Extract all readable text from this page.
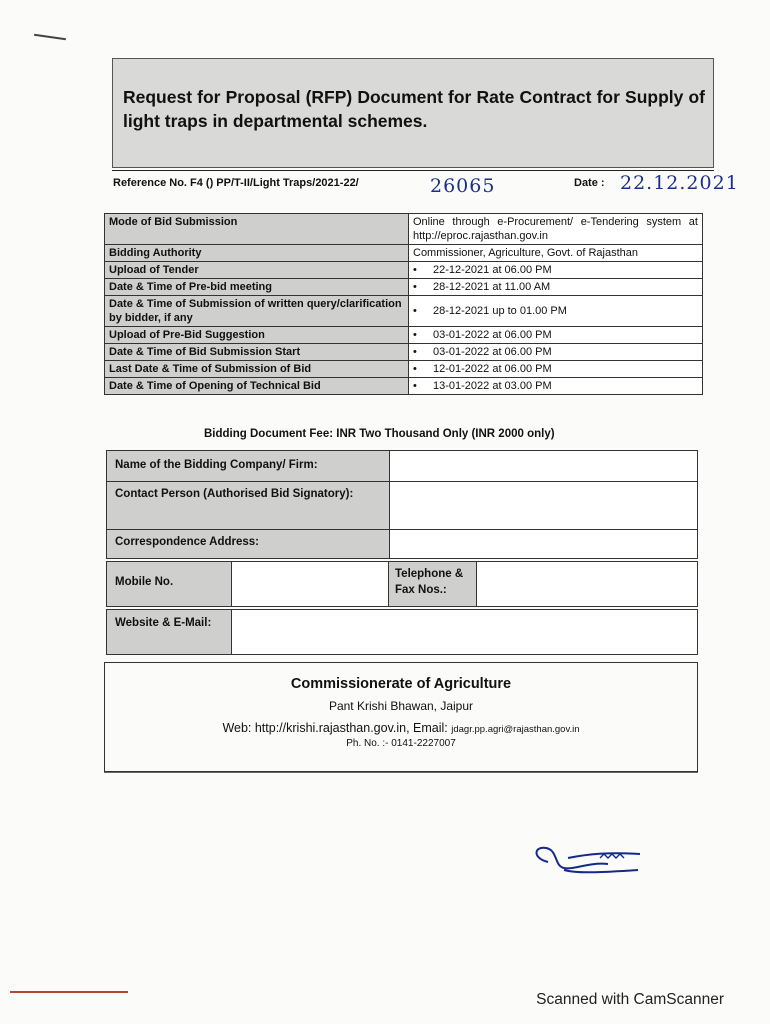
Request for Proposal (RFP) Document for Rate Contract for Supply of light traps in departmental schemes.
Reference No. F4 () PP/T-II/Light Traps/2021-22/	26065	Date : 22.12.2021
Mode of Bid Submission	Online through e-Procurement/ e-Tendering system at http://eproc.rajasthan.gov.in

Bidding Authority	Commissioner, Agriculture, Govt. of Rajasthan
Upload of Tender	• 22-12-2021 at 06.00 PM
Date & Time of Pre-bid meeting	• 28-12-2021 at 11.00 AM
Date & Time of Submission of written query/clarification by bidder, if any	• 28-12-2021 up to 01.00 PM
Upload of Pre-Bid Suggestion	• 03-01-2022 at 06.00 PM
Date & Time of Bid Submission Start	• 03-01-2022 at 06.00 PM
Last Date & Time of Submission of Bid	• 12-01-2022 at 06.00 PM
Date & Time of Opening of Technical Bid	• 13-01-2022 at 03.00 PM
Bidding Document Fee: INR Two Thousand Only (INR 2000 only)
Name of the Bidding Company/ Firm:
Contact Person (Authorised Bid Signatory):
Correspondence Address:
Mobile No.
Telephone & Fax Nos.:
Website & E-Mail:
Commissionerate of Agriculture
Pant Krishi Bhawan, Jaipur
Web: http://krishi.rajasthan.gov.in, Email: jdagr.pp.agri@rajasthan.gov.in
Ph. No. :- 0141-2227007
Scanned with CamScanner
